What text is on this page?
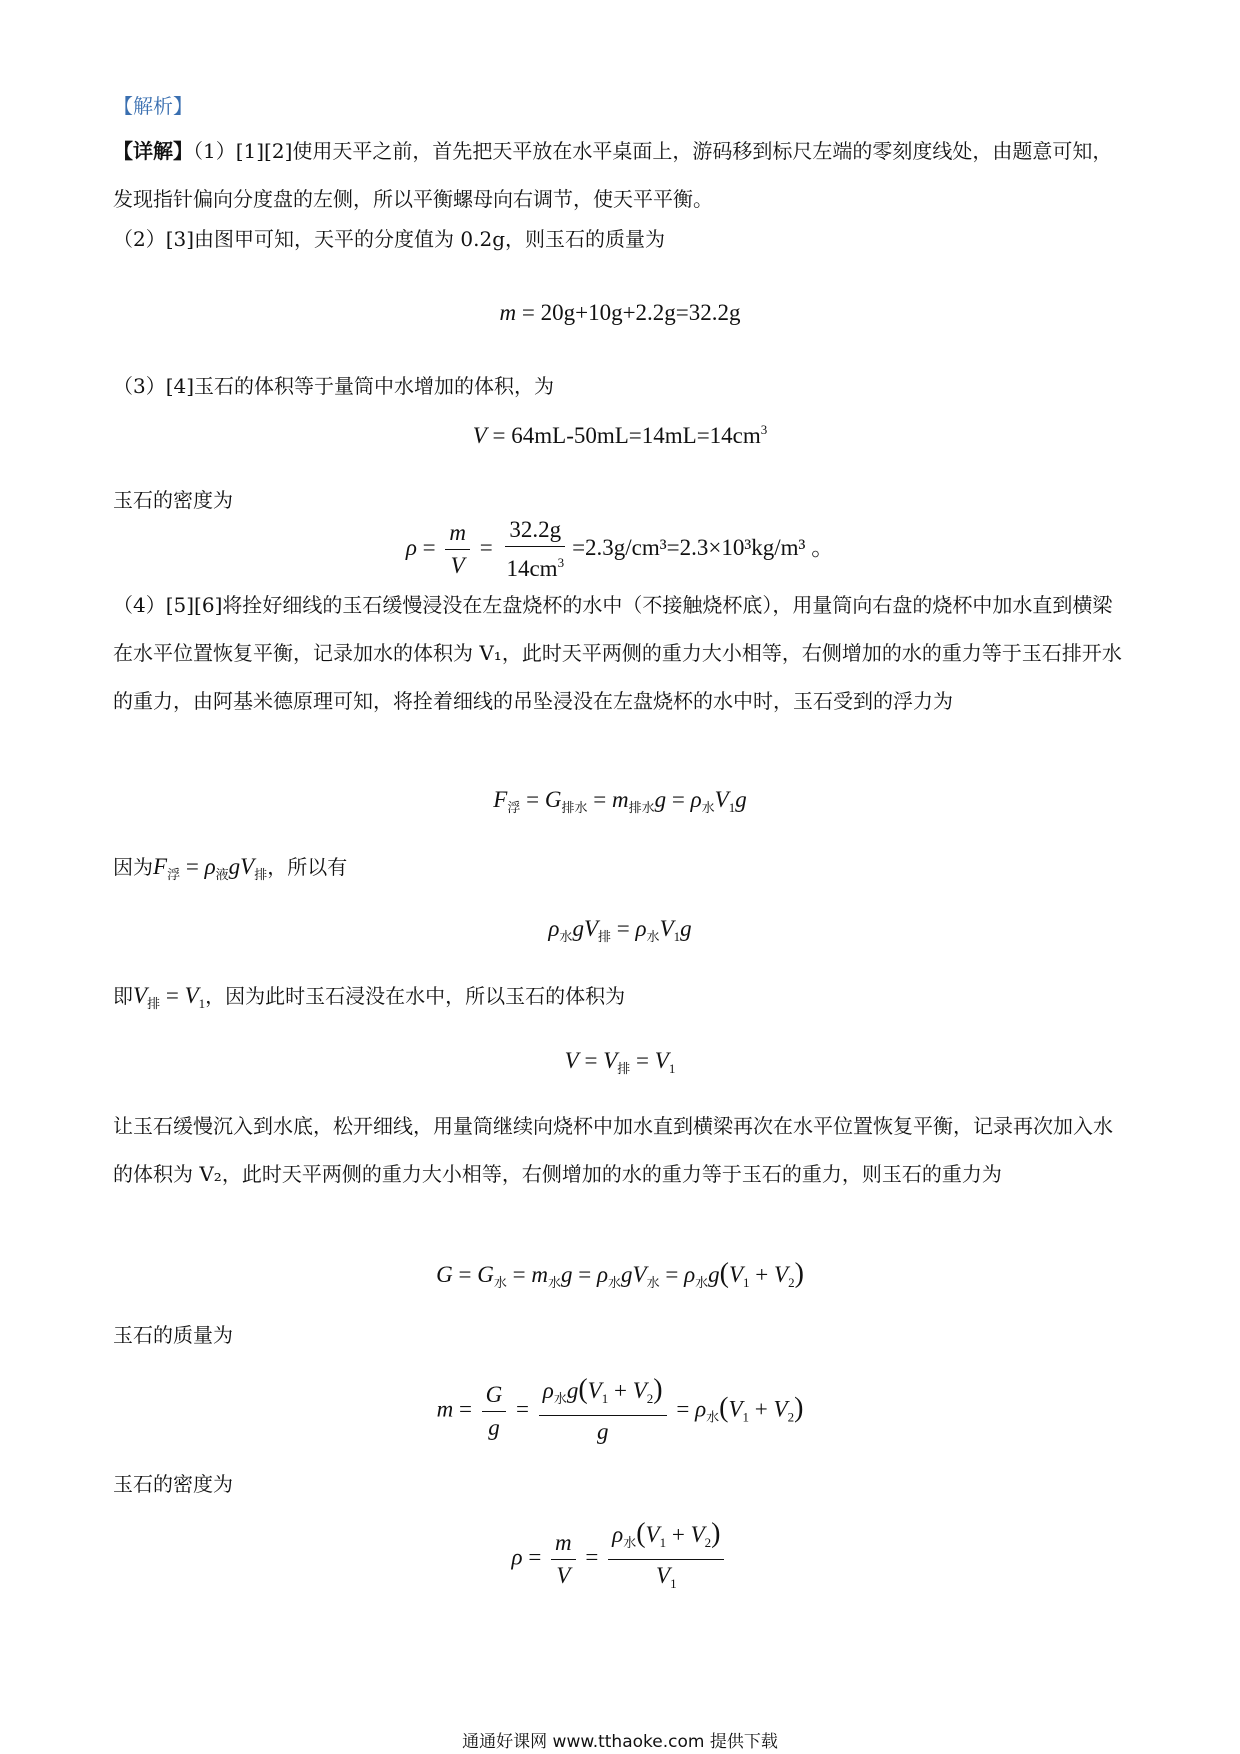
【解析】

【详解】（1）[1][2]使用天平之前，首先把天平放在水平桌面上，游码移到标尺左端的零刻度线处，由题意可知，发现指针偏向分度盘的左侧，所以平衡螺母向右调节，使天平平衡。

（2）[3]由图甲可知，天平的分度值为 0.2g，则玉石的质量为

m = 20g+10g+2.2g=32.2g

（3）[4]玉石的体积等于量筒中水增加的体积，为

$V = 64mL-50mL=14mL=14cm^3$

玉石的密度为

$\rho = \frac{m}{V} = \frac{32.2g}{14cm^3} =2.3g/cm^3=2.3\times 10^3kg/m^3$ 。

（4）[5][6]将拴好细线的玉石缓慢浸没在左盘烧杯的水中（不接触烧杯底），用量筒向右盘的烧杯中加水直到横梁在水平位置恢复平衡，记录加水的体积为 V₁，此时天平两侧的重力大小相等，右侧增加的水的重力等于玉石排开水的重力，由阿基米德原理可知，将拴着细线的吊坠浸没在左盘烧杯的水中时，玉石受到的浮力为

$F_浮 = G_{排水} = m_{排水}g = \rho_水V_1g$

因为$F_浮 = \rho_液gV_排$，所以有

$\rho_水gV_排 = \rho_水V_1g$

即$V_排 = V_1$，因为此时玉石浸没在水中，所以玉石的体积为

$V = V_排 = V_1$

让玉石缓慢沉入到水底，松开细线，用量筒继续向烧杯中加水直到横梁再次在水平位置恢复平衡，记录再次加入水的体积为 V₂，此时天平两侧的重力大小相等，右侧增加的水的重力等于玉石的重力，则玉石的重力为

$G = G_水 = m_水g = \rho_水gV_水 = \rho_水g(V_1 + V_2)$

玉石的质量为

$m = \frac{G}{g} = \frac{\rho_水g(V_1 + V_2)}{g} = \rho_水(V_1 + V_2)$

玉石的密度为

$\rho = \frac{m}{V} = \frac{\rho_水(V_1 + V_2)}{V_1}$
通通好课网 www.tthaoke.com 提供下载
